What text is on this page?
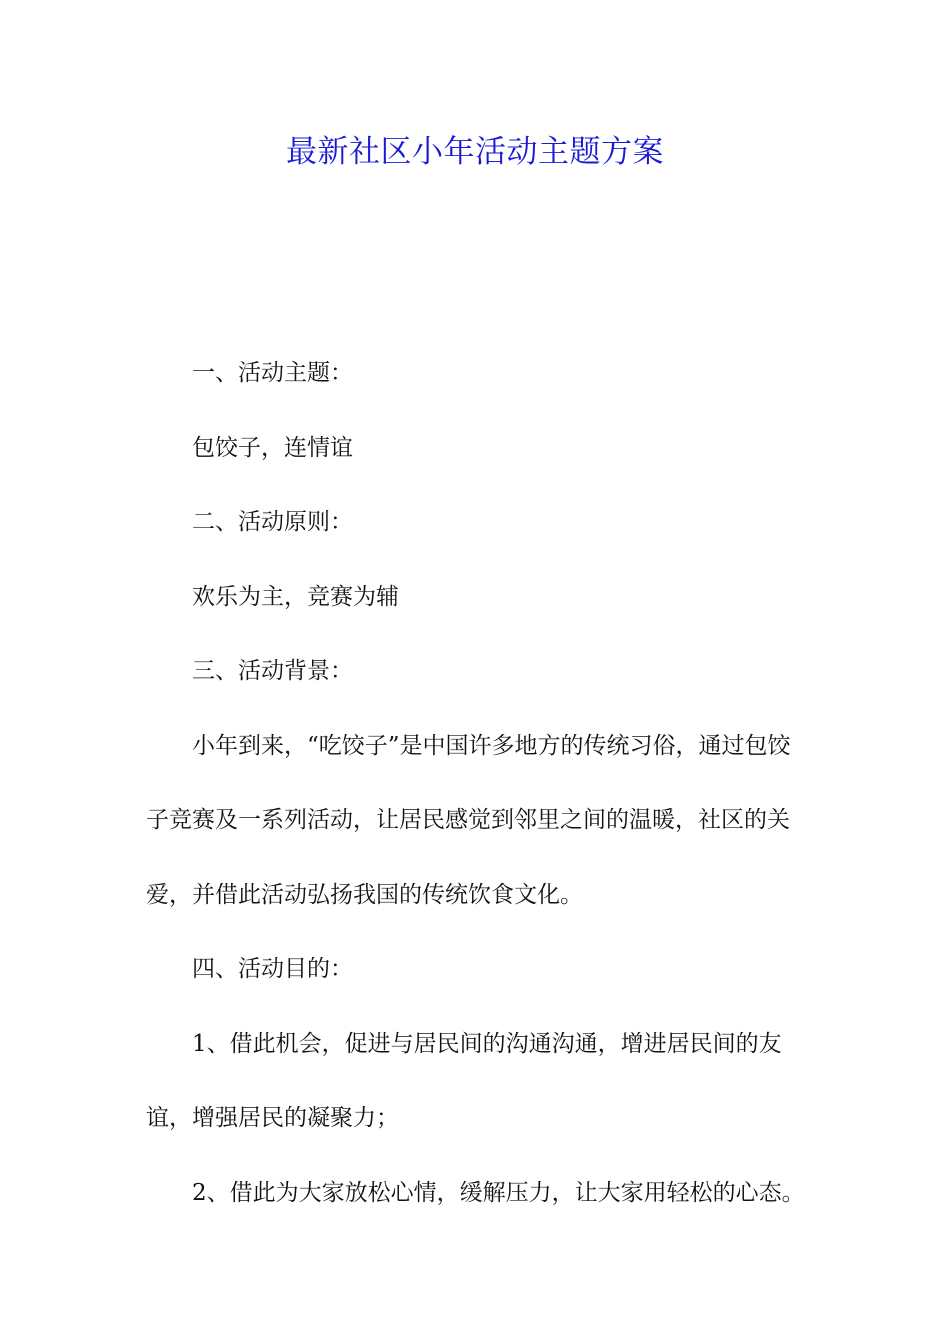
最新社区小年活动主题方案

一、活动主题：

包饺子，连情谊

二、活动原则：

欢乐为主，竞赛为辅

三、活动背景：

小年到来，“吃饺子”是中国许多地方的传统习俗，通过包饺子竞赛及一系列活动，让居民感觉到邻里之间的温暖，社区的关爱，并借此活动弘扬我国的传统饮食文化。

四、活动目的：

1、借此机会，促进与居民间的沟通沟通，增进居民间的友谊，增强居民的凝聚力；

2、借此为大家放松心情，缓解压力，让大家用轻松的心态。
